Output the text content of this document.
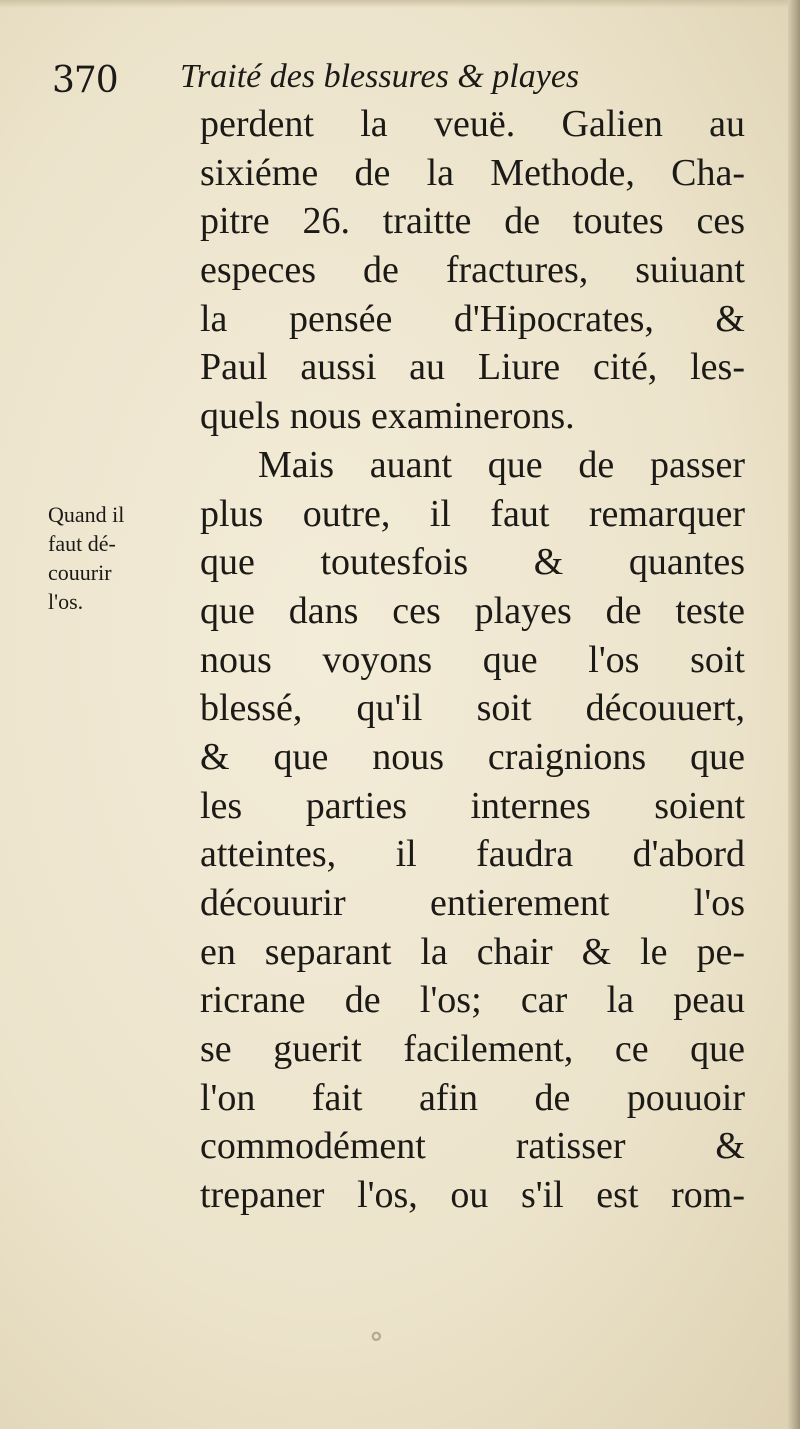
370 Traité des blessures & playes
Quand il
faut dé-
couurir
l'os.
perdent la veuë. Galien au
sixiéme de la Methode, Cha-
pitre 26. traitte de toutes ces
especes de fractures, suiuant
la pensée d'Hipocrates, &
Paul aussi au Liure cité, les-
quels nous examinerons.
Mais auant que de passer
plus outre, il faut remarquer
que toutesfois & quantes
que dans ces playes de teste
nous voyons que l'os soit
blessé, qu'il soit découuert,
& que nous craignions que
les parties internes soient
atteintes, il faudra d'abord
découurir entierement l'os
en separant la chair & le pe-
ricrane de l'os; car la peau
se guerit facilement, ce que
l'on fait afin de pouuoir
commodément ratisser &
trepaner l'os, ou s'il est rom-
∘
